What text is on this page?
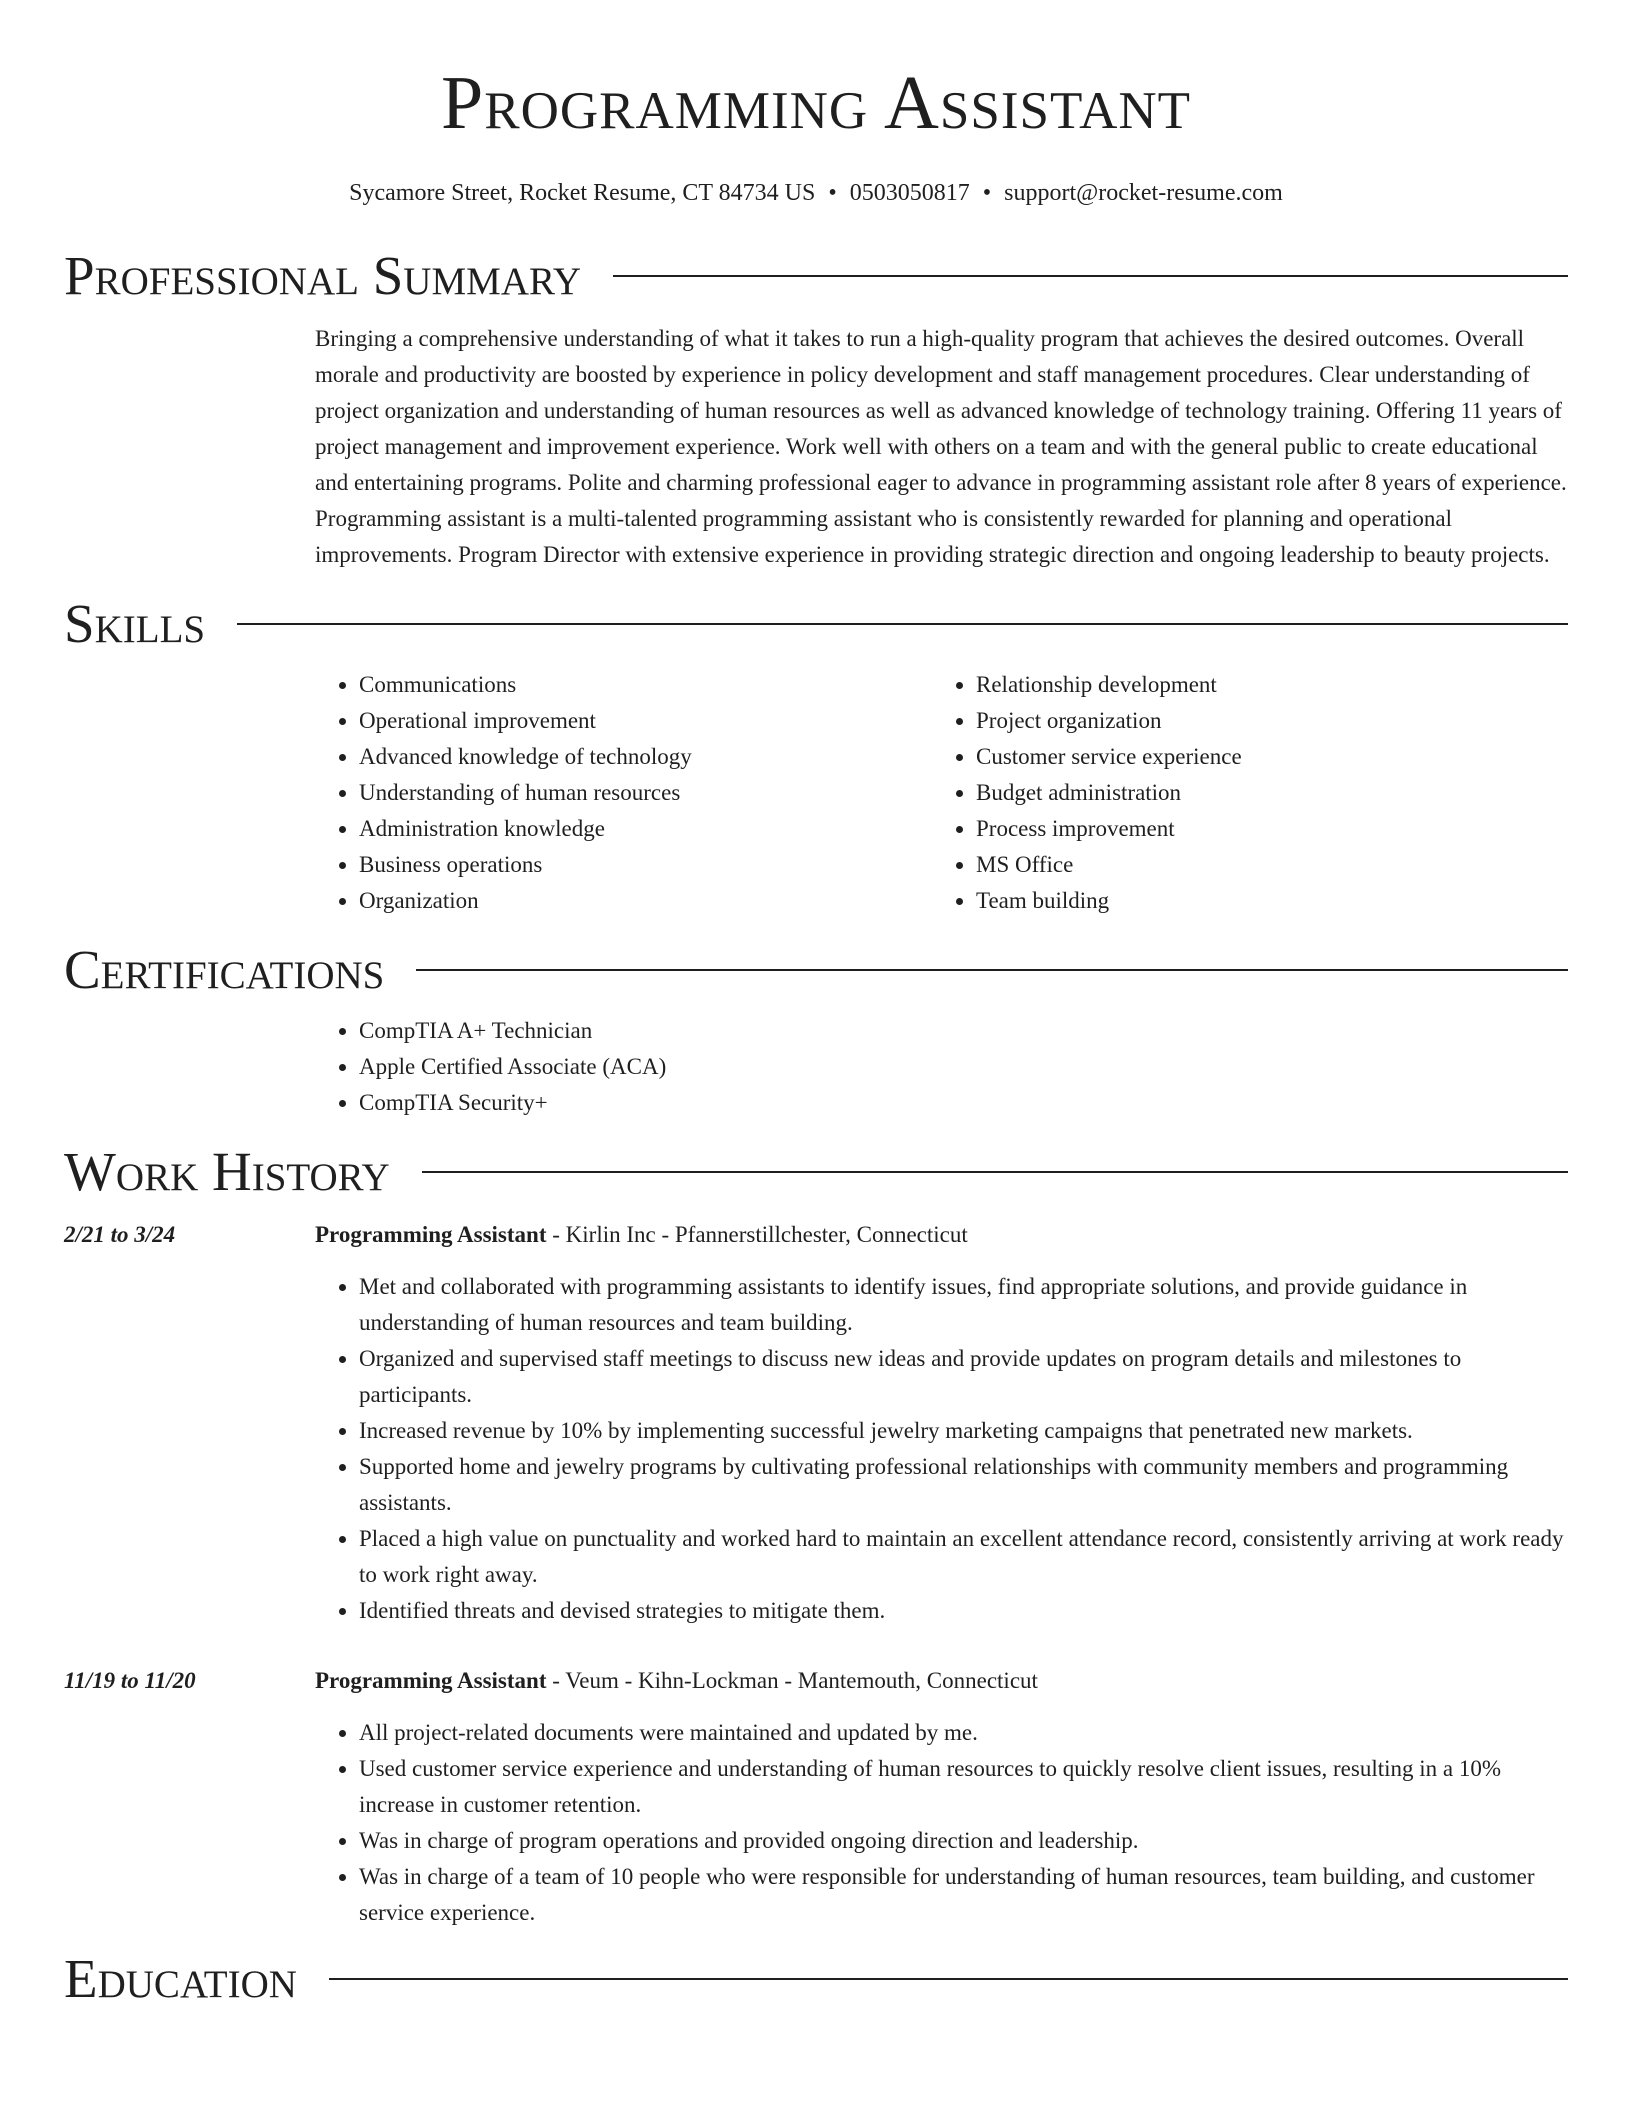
Programming Assistant
Sycamore Street, Rocket Resume, CT 84734 US • 0503050817 • support@rocket-resume.com
Professional Summary

Bringing a comprehensive understanding of what it takes to run a high-quality program that achieves the desired outcomes. Overall morale and productivity are boosted by experience in policy development and staff management procedures. Clear understanding of project organization and understanding of human resources as well as advanced knowledge of technology training. Offering 11 years of project management and improvement experience. Work well with others on a team and with the general public to create educational and entertaining programs. Polite and charming professional eager to advance in programming assistant role after 8 years of experience. Programming assistant is a multi-talented programming assistant who is consistently rewarded for planning and operational improvements. Program Director with extensive experience in providing strategic direction and ongoing leadership to beauty projects.

Skills
• Communications
• Operational improvement
• Advanced knowledge of technology
• Understanding of human resources
• Administration knowledge
• Business operations
• Organization
• Relationship development
• Project organization
• Customer service experience
• Budget administration
• Process improvement
• MS Office
• Team building
Certifications
• CompTIA A+ Technician
• Apple Certified Associate (ACA)
• CompTIA Security+
Work History
2/21 to 3/24	Programming Assistant - Kirlin Inc - Pfannerstillchester, Connecticut
• Met and collaborated with programming assistants to identify issues, find appropriate solutions, and provide guidance in understanding of human resources and team building.
• Organized and supervised staff meetings to discuss new ideas and provide updates on program details and milestones to participants.
• Increased revenue by 10% by implementing successful jewelry marketing campaigns that penetrated new markets.
• Supported home and jewelry programs by cultivating professional relationships with community members and programming assistants.
• Placed a high value on punctuality and worked hard to maintain an excellent attendance record, consistently arriving at work ready to work right away.
• Identified threats and devised strategies to mitigate them.
11/19 to 11/20	Programming Assistant - Veum - Kihn-Lockman - Mantemouth, Connecticut
• All project-related documents were maintained and updated by me.
• Used customer service experience and understanding of human resources to quickly resolve client issues, resulting in a 10% increase in customer retention.
• Was in charge of program operations and provided ongoing direction and leadership.
• Was in charge of a team of 10 people who were responsible for understanding of human resources, team building, and customer service experience.
Education
